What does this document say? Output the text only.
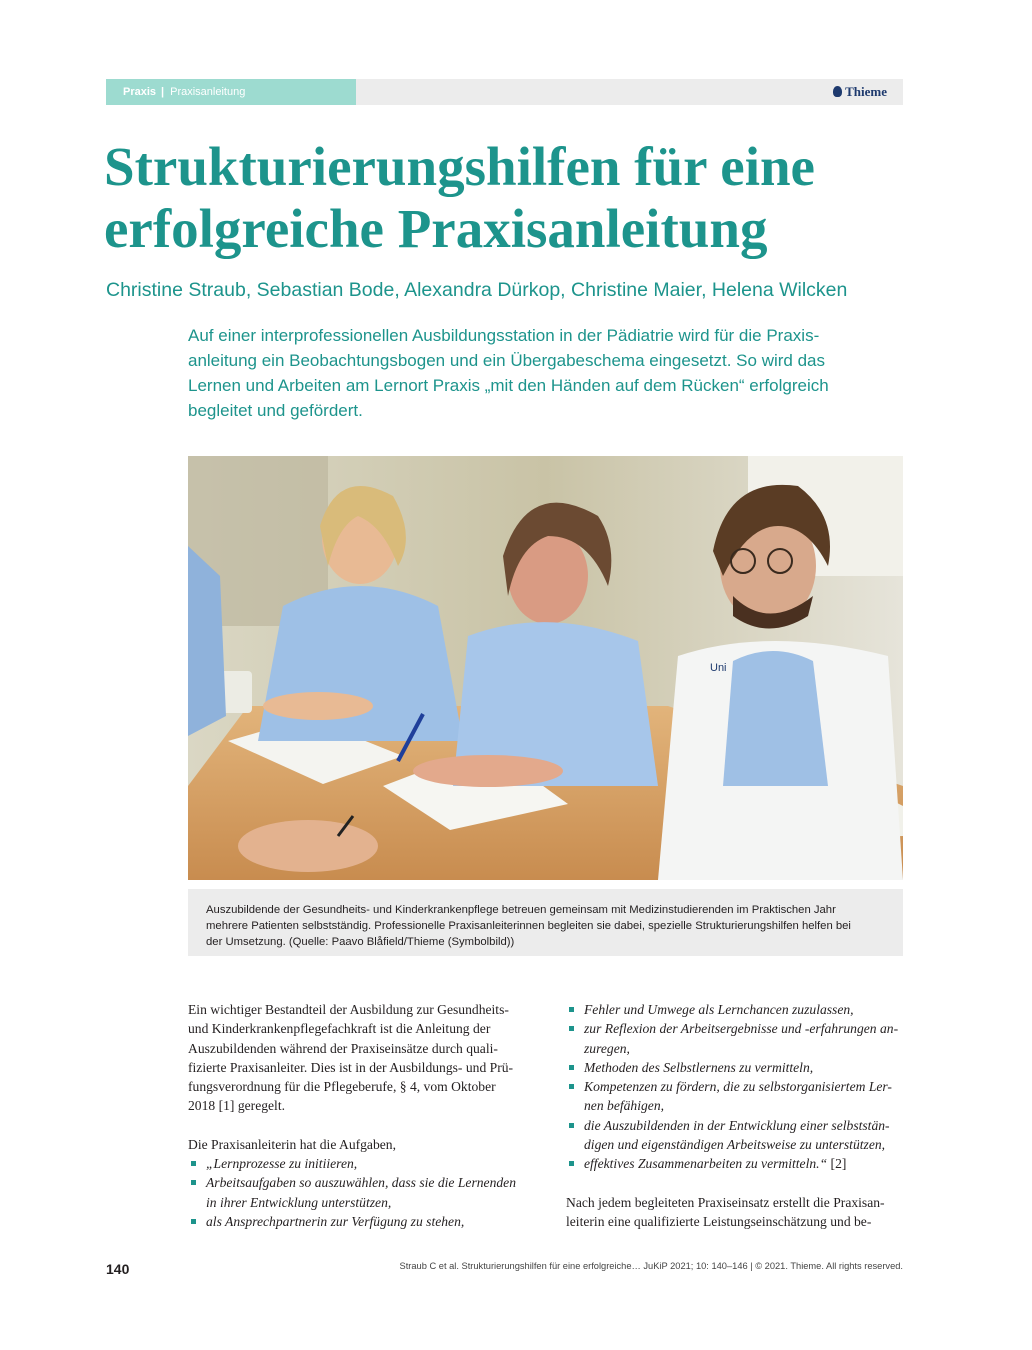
Praxis | Praxisanleitung	Thieme
Strukturierungshilfen für eine
erfolgreiche Praxisanleitung
Christine Straub, Sebastian Bode, Alexandra Dürkop, Christine Maier, Helena Wilcken
Auf einer interprofessionellen Ausbildungsstation in der Pädiatrie wird für die Praxis-
anleitung ein Beobachtungsbogen und ein Übergabeschema eingesetzt. So wird das
Lernen und Arbeiten am Lernort Praxis „mit den Händen auf dem Rücken“ erfolgreich
begleitet und gefördert.
Uni
Auszubildende der Gesundheits- und Kinderkrankenpflege betreuen gemeinsam mit Medizinstudierenden im Praktischen Jahr
mehrere Patienten selbstständig. Professionelle Praxisanleiterinnen begleiten sie dabei, spezielle Strukturierungshilfen helfen bei
der Umsetzung. (Quelle: Paavo Blåfield/Thieme (Symbolbild))
Ein wichtiger Bestandteil der Ausbildung zur Gesundheits-
und Kinderkrankenpflegefachkraft ist die Anleitung der
Auszubildenden während der Praxiseinsätze durch quali-
fizierte Praxisanleiter. Dies ist in der Ausbildungs- und Prü-
fungsverordnung für die Pflegeberufe, § 4, vom Oktober
2018 [1] geregelt.
Die Praxisanleiterin hat die Aufgaben,
„Lernprozesse zu initiieren,
Arbeitsaufgaben so auszuwählen, dass sie die Lernenden
in ihrer Entwicklung unterstützen,
als Ansprechpartnerin zur Verfügung zu stehen,
Fehler und Umwege als Lernchancen zuzulassen,
zur Reflexion der Arbeitsergebnisse und -erfahrungen an-
zuregen,
Methoden des Selbstlernens zu vermitteln,
Kompetenzen zu fördern, die zu selbstorganisiertem Ler-
nen befähigen,
die Auszubildenden in der Entwicklung einer selbststän-
digen und eigenständigen Arbeitsweise zu unterstützen,
effektives Zusammenarbeiten zu vermitteln.“ [2]
Nach jedem begleiteten Praxiseinsatz erstellt die Praxisan-
leiterin eine qualifizierte Leistungseinschätzung und be-
140	Straub C et al. Strukturierungshilfen für eine erfolgreiche… JuKiP 2021; 10: 140–146 | © 2021. Thieme. All rights reserved.
